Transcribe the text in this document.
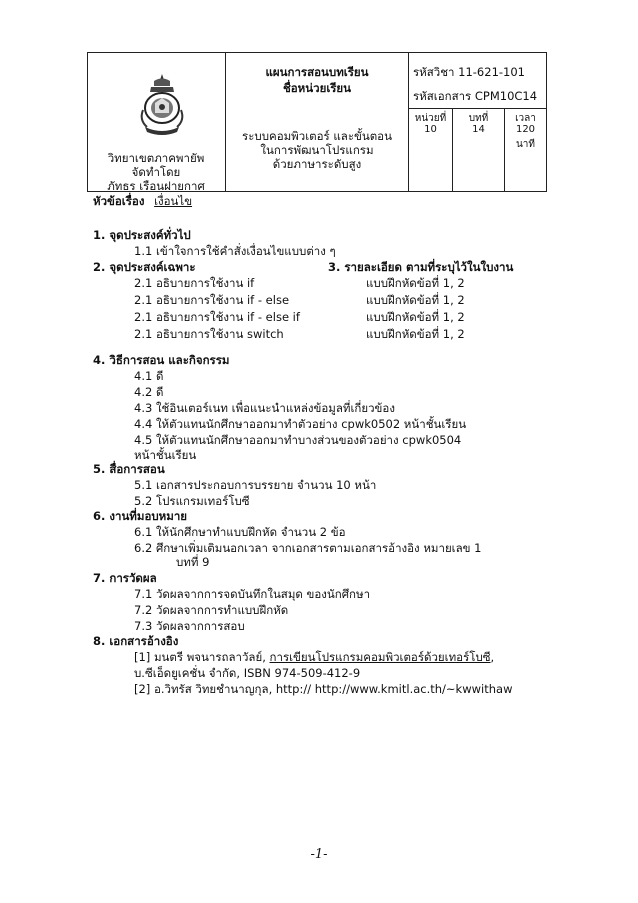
วิทยาเขตภาคพายัพ
จัดทำโดย
ภัทธร เรือนฝายกาศ
แผนการสอนบทเรียน
ชื่อหน่วยเรียน
ระบบคอมพิวเตอร์ และขั้นตอน
ในการพัฒนาโปรแกรม
ด้วยภาษาระดับสูง
รหัสวิชา 11-621-101
รหัสเอกสาร CPM10C14
หน่วยที่
10
บทที่
14
เวลา
120
นาที
หัวข้อเรื่อง เงื่อนไข
1. จุดประสงค์ทั่วไป
1.1 เข้าใจการใช้คำสั่งเงื่อนไขแบบต่าง ๆ
2. จุดประสงค์เฉพาะ	3. รายละเอียด ตามที่ระบุไว้ในใบงาน
2.1 อธิบายการใช้งาน if
2.1 อธิบายการใช้งาน if - else
2.1 อธิบายการใช้งาน if - else if
2.1 อธิบายการใช้งาน switch
แบบฝึกหัดข้อที่ 1, 2
แบบฝึกหัดข้อที่ 1, 2
แบบฝึกหัดข้อที่ 1, 2
แบบฝึกหัดข้อที่ 1, 2
4. วิธีการสอน และกิจกรรม
4.1 ดี
4.2 ดี
4.3 ใช้อินเตอร์เนท เพื่อแนะนำแหล่งข้อมูลที่เกี่ยวข้อง
4.4 ให้ตัวแทนนักศึกษาออกมาทำตัวอย่าง cpwk0502 หน้าชั้นเรียน
4.5 ให้ตัวแทนนักศึกษาออกมาทำบางส่วนของตัวอย่าง cpwk0504
หน้าชั้นเรียน
5. สื่อการสอน
5.1 เอกสารประกอบการบรรยาย จำนวน 10 หน้า
5.2 โปรแกรมเทอร์โบซี
6. งานที่มอบหมาย
6.1 ให้นักศึกษาทำแบบฝึกหัด จำนวน 2 ข้อ
6.2 ศึกษาเพิ่มเติมนอกเวลา จากเอกสารตามเอกสารอ้างอิง หมายเลข 1
บทที่ 9
7. การวัดผล
7.1 วัดผลจากการจดบันทึกในสมุด ของนักศึกษา
7.2 วัดผลจากการทำแบบฝึกหัด
7.3 วัดผลจากการสอบ
8. เอกสารอ้างอิง
[1] มนตรี พจนารถลาวัลย์, การเขียนโปรแกรมคอมพิวเตอร์ด้วยเทอร์โบซี,
บ.ซีเอ็ดยูเคชั่น จำกัด, ISBN 974-509-412-9
[2] อ.วิทรัส วิทยชำนาญกุล, http:// http://www.kmitl.ac.th/~kwwithaw
-1-
